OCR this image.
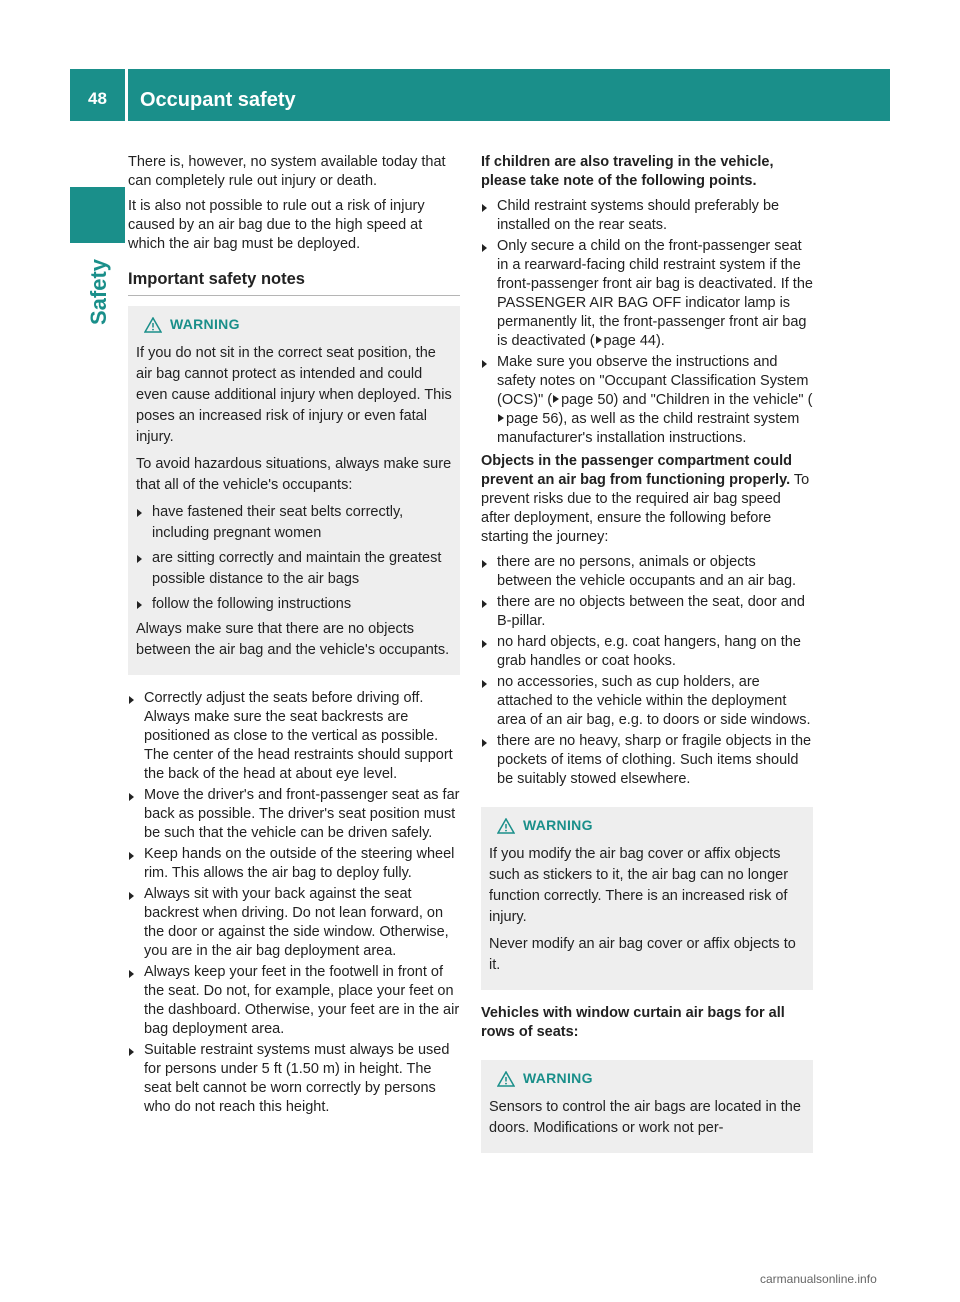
48	Occupant safety
Safety

There is, however, no system available today that can completely rule out injury or death.

It is also not possible to rule out a risk of injury caused by an air bag due to the high speed at which the air bag must be deployed.

Important safety notes
WARNING

If you do not sit in the correct seat position, the air bag cannot protect as intended and could even cause additional injury when deployed. This poses an increased risk of injury or even fatal injury.

To avoid hazardous situations, always make sure that all of the vehicle's occupants:

have fastened their seat belts correctly, including pregnant women
are sitting correctly and maintain the greatest possible distance to the air bags
follow the following instructions

Always make sure that there are no objects between the air bag and the vehicle's occupants.

Correctly adjust the seats before driving off. Always make sure the seat backrests are positioned as close to the vertical as possible. The center of the head restraints should support the back of the head at about eye level.
Move the driver's and front-passenger seat as far back as possible. The driver's seat position must be such that the vehicle can be driven safely.
Keep hands on the outside of the steering wheel rim. This allows the air bag to deploy fully.
Always sit with your back against the seat backrest when driving. Do not lean forward, on the door or against the side window. Otherwise, you are in the air bag deployment area.
Always keep your feet in the footwell in front of the seat. Do not, for example, place your feet on the dashboard. Otherwise, your feet are in the air bag deployment area.
Suitable restraint systems must always be used for persons under 5 ft (1.50 m) in height. The seat belt cannot be worn correctly by persons who do not reach this height.

If children are also traveling in the vehicle, please take note of the following points.

Child restraint systems should preferably be installed on the rear seats.
Only secure a child on the front-passenger seat in a rearward-facing child restraint system if the front-passenger front air bag is deactivated. If the PASSENGER AIR BAG OFF indicator lamp is permanently lit, the front-passenger front air bag is deactivated ( page 44).
Make sure you observe the instructions and safety notes on "Occupant Classification System (OCS)" ( page 50) and "Children in the vehicle" (page 56), as well as the child restraint system manufacturer's installation instructions.

Objects in the passenger compartment could prevent an air bag from functioning properly. To prevent risks due to the required air bag speed after deployment, ensure the following before starting the journey:

there are no persons, animals or objects between the vehicle occupants and an air bag.
there are no objects between the seat, door and B-pillar.
no hard objects, e.g. coat hangers, hang on the grab handles or coat hooks.
no accessories, such as cup holders, are attached to the vehicle within the deployment area of an air bag, e.g. to doors or side windows.
there are no heavy, sharp or fragile objects in the pockets of items of clothing. Such items should be suitably stowed elsewhere.
WARNING

If you modify the air bag cover or affix objects such as stickers to it, the air bag can no longer function correctly. There is an increased risk of injury.

Never modify an air bag cover or affix objects to it.

Vehicles with window curtain air bags for all rows of seats:

WARNING

Sensors to control the air bags are located in the doors. Modifications or work not per-

carmanualsonline.info
